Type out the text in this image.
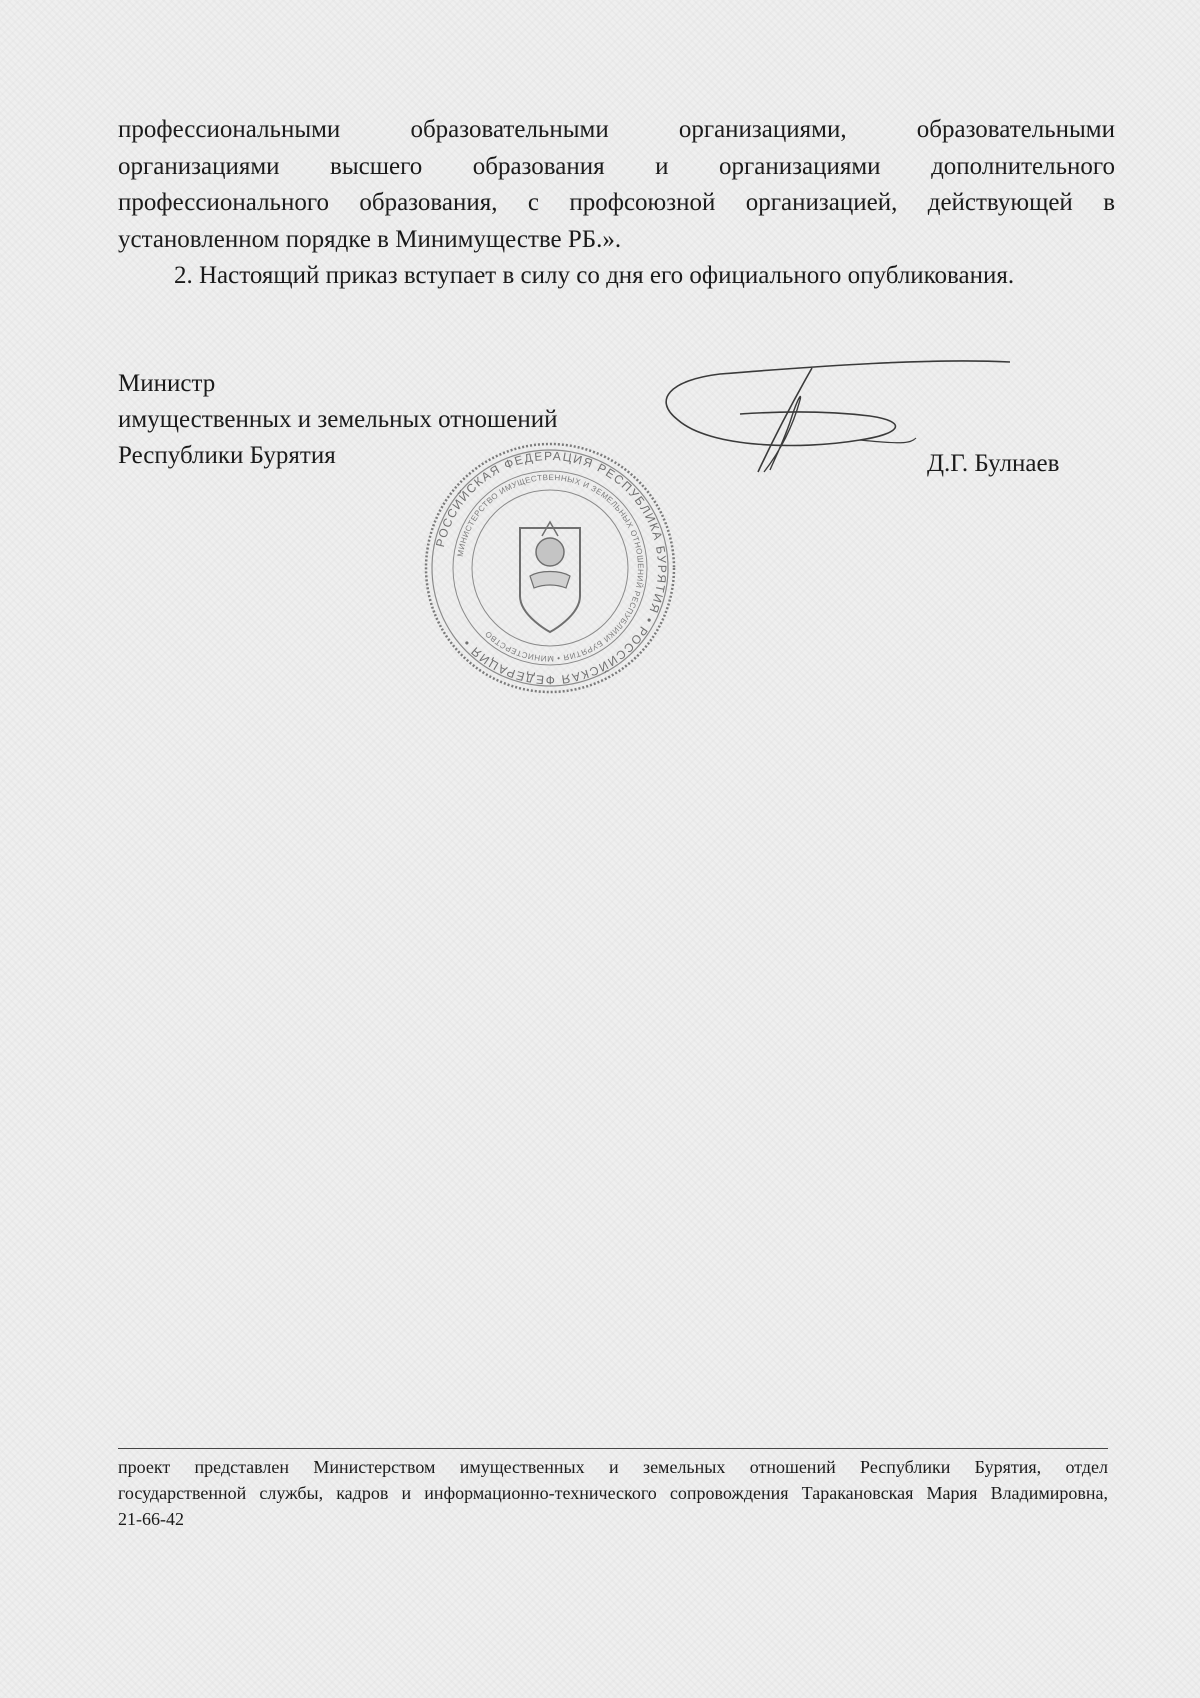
профессиональными образовательными организациями, образовательными

организациями высшего образования и организациями дополнительного

профессионального образования, с профсоюзной организацией, действующей в

установленном порядке в Минимуществе РБ.».

2. Настоящий приказ вступает в силу со дня его официального опубликования.

Министр
имущественных и земельных отношений
Республики Бурятия	Д.Г. Булнаев
РОССИЙСКАЯ ФЕДЕРАЦИЯ РЕСПУБЛИКА БУРЯТИЯ • РОССИЙСКАЯ ФЕДЕРАЦИЯ •
МИНИСТЕРСТВО ИМУЩЕСТВЕННЫХ И ЗЕМЕЛЬНЫХ ОТНОШЕНИЙ РЕСПУБЛИКИ БУРЯТИЯ • МИНИСТЕРСТВО

проект представлен Министерством имущественных и земельных отношений Республики Бурятия, отдел

государственной службы, кадров и информационно-технического сопровождения Тараканoвская Мария Владимировна,

21-66-42
